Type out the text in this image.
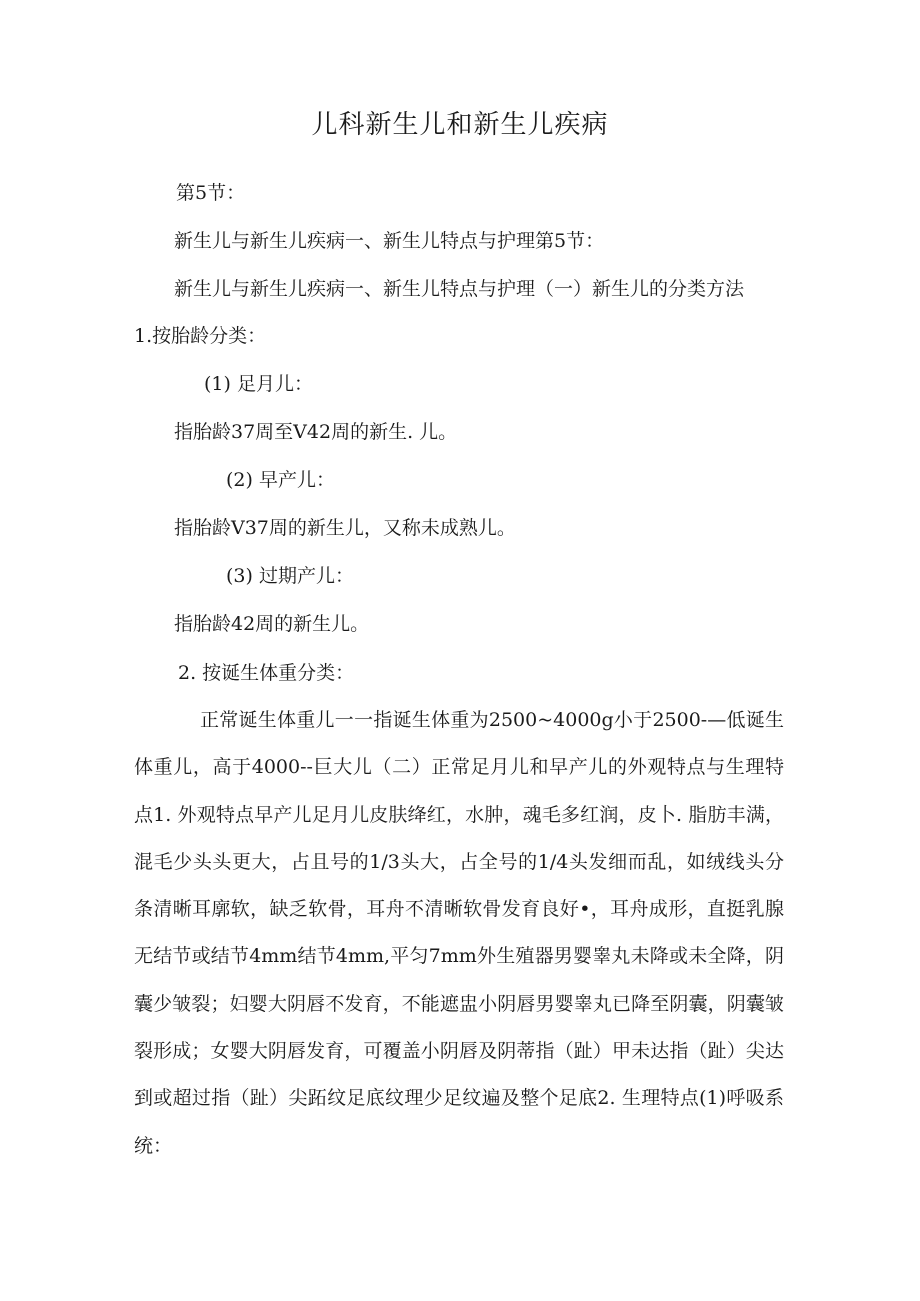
儿科新生儿和新生儿疾病
第5节：
新生儿与新生儿疾病一、新生儿特点与护理第5节：
新生儿与新生儿疾病一、新生儿特点与护理（一）新生儿的分类方法
1.按胎龄分类：
(1) 足月儿：
指胎龄37周至V42周的新生. 儿。
(2) 早产儿：
指胎龄V37周的新生儿，又称未成熟儿。
(3) 过期产儿：
指胎龄42周的新生儿。
2. 按诞生体重分类：
正常诞生体重儿一一指诞生体重为2500~4000g小于2500-—低诞生体重儿，高于4000--巨大儿（二）正常足月儿和早产儿的外观特点与生理特点1. 外观特点早产儿足月儿皮肤绛红，水肿，魂毛多红润，皮卜. 脂肪丰满，混毛少头头更大，占且号的1/3头大，占全号的1/4头发细而乱，如绒线头分条清晰耳廓软，缺乏软骨，耳舟不清晰软骨发育良好•，耳舟成形，直挺乳腺无结节或结节4mm结节4mm,平匀7mm外生殖器男婴睾丸未降或未全降，阴囊少皱裂；妇婴大阴唇不发育，不能遮盅小阴唇男婴睾丸已降至阴囊，阴囊皱裂形成；女婴大阴唇发育，可覆盖小阴唇及阴蒂指（趾）甲未达指（趾）尖达到或超过指（趾）尖跖纹足底纹理少足纹遍及整个足底2. 生理特点(1)呼吸系统：
